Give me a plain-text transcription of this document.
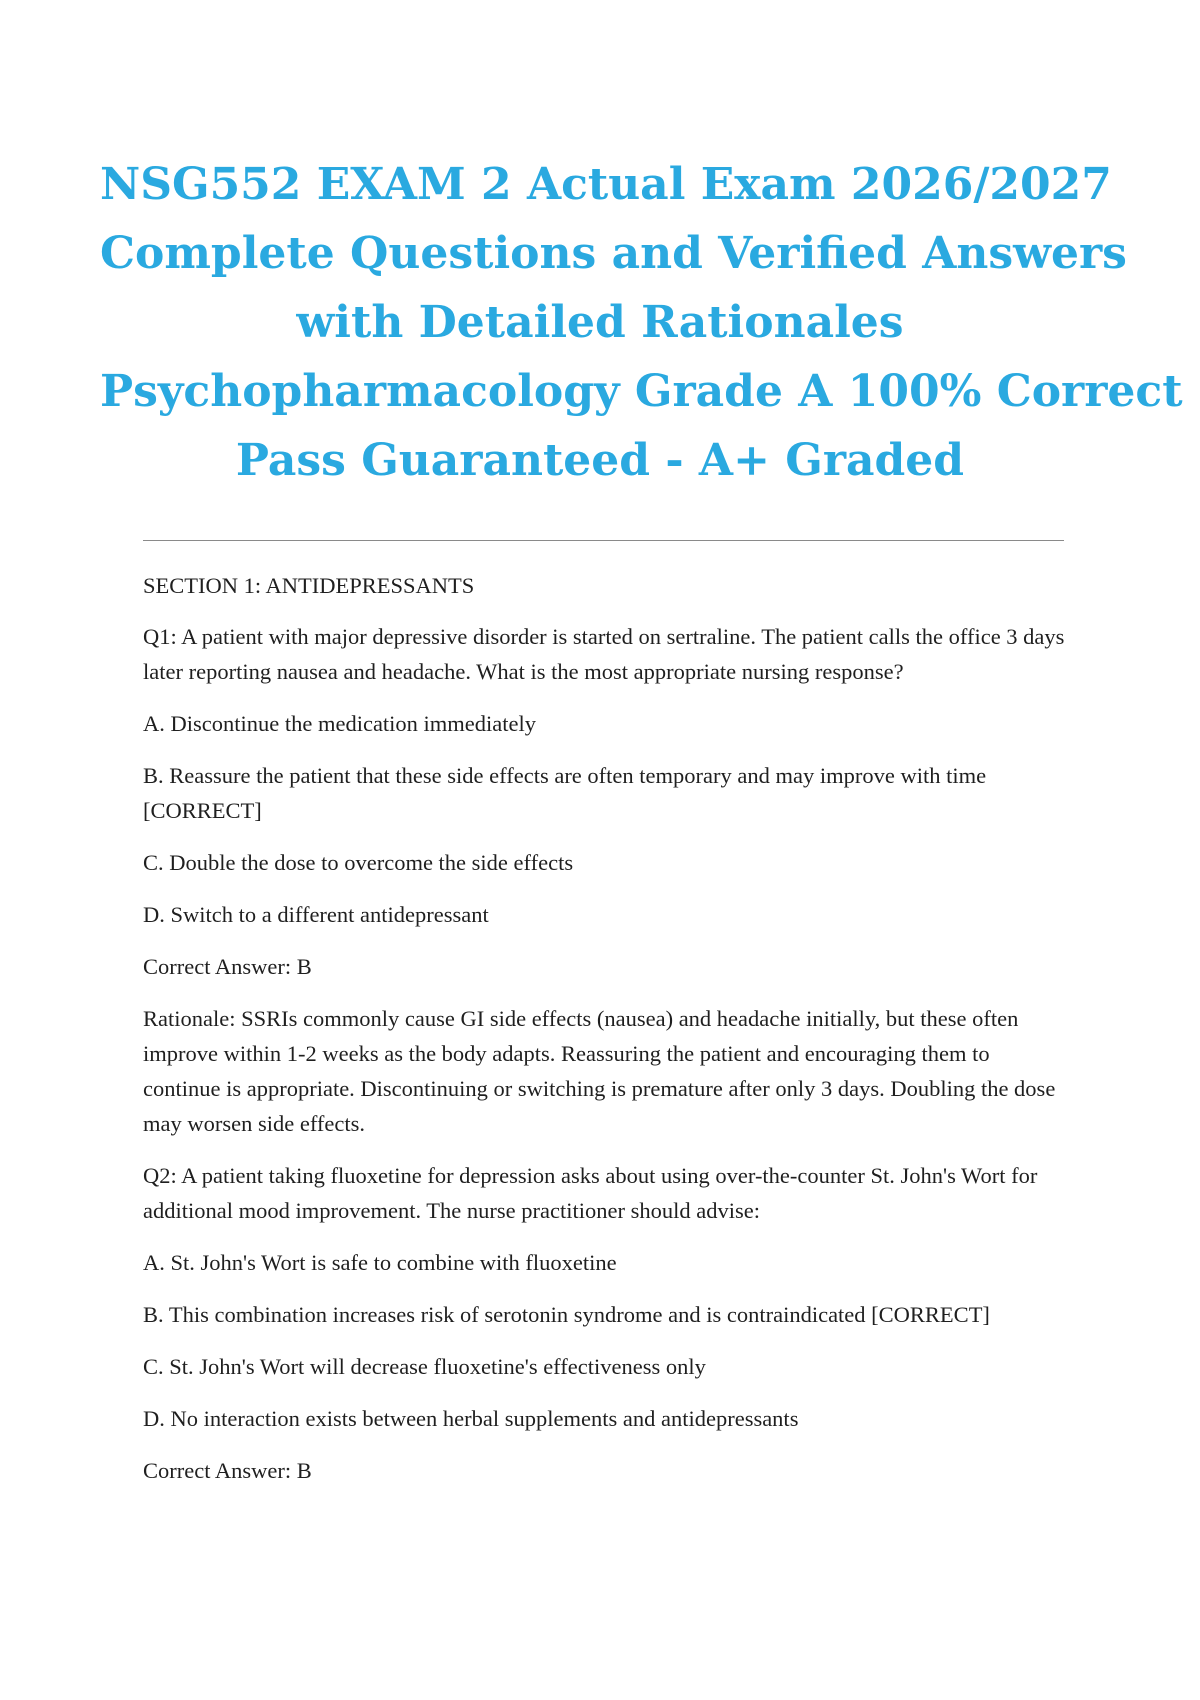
NSG552 EXAM 2 Actual Exam 2026/2027
Complete Questions and Verified Answers
with Detailed Rationales
Psychopharmacology Grade A 100% Correct
Pass Guaranteed - A+ Graded

SECTION 1: ANTIDEPRESSANTS

Q1: A patient with major depressive disorder is started on sertraline. The patient calls the office 3 days later reporting nausea and headache. What is the most appropriate nursing response?

A. Discontinue the medication immediately

B. Reassure the patient that these side effects are often temporary and may improve with time [CORRECT]

C. Double the dose to overcome the side effects

D. Switch to a different antidepressant

Correct Answer: B

Rationale: SSRIs commonly cause GI side effects (nausea) and headache initially, but these often improve within 1-2 weeks as the body adapts. Reassuring the patient and encouraging them to continue is appropriate. Discontinuing or switching is premature after only 3 days. Doubling the dose may worsen side effects.

Q2: A patient taking fluoxetine for depression asks about using over-the-counter St. John's Wort for additional mood improvement. The nurse practitioner should advise:

A. St. John's Wort is safe to combine with fluoxetine

B. This combination increases risk of serotonin syndrome and is contraindicated [CORRECT]

C. St. John's Wort will decrease fluoxetine's effectiveness only

D. No interaction exists between herbal supplements and antidepressants

Correct Answer: B
